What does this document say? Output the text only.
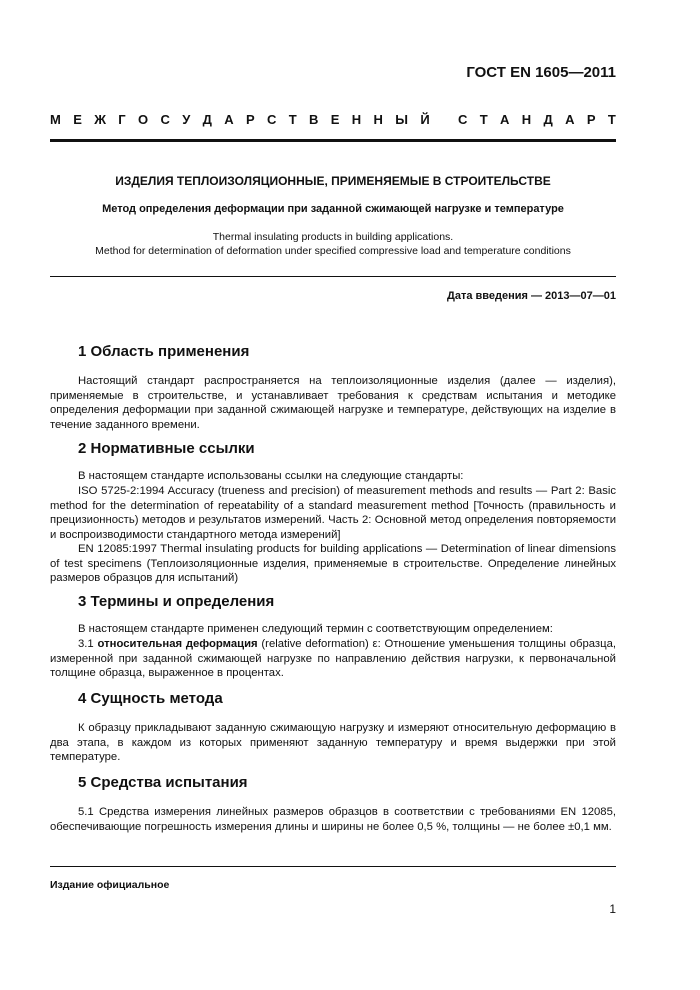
ГОСТ EN 1605—2011
М Е Ж Г О С У Д А Р С Т В Е Н Н Ы Й
С Т А Н Д А Р Т
ИЗДЕЛИЯ ТЕПЛОИЗОЛЯЦИОННЫЕ, ПРИМЕНЯЕМЫЕ В СТРОИТЕЛЬСТВЕ
Метод определения деформации при заданной сжимающей нагрузке и температуре
Thermal insulating products in building applications.
Method for determination of deformation under specified compressive load and temperature conditions
Дата введения — 2013—07—01
1 Область применения
Настоящий стандарт распространяется на теплоизоляционные изделия (далее — изделия), применяемые в строительстве, и устанавливает требования к средствам испытания и методике определения деформации при заданной сжимающей нагрузке и температуре, действующих на изделие в течение заданного времени.
2 Нормативные ссылки
В настоящем стандарте использованы ссылки на следующие стандарты:
ISO 5725-2:1994 Accuracy (trueness and precision) of measurement methods and results — Part 2: Basic method for the determination of repeatability of a standard measurement method [Точность (правильность и прецизионность) методов и результатов измерений. Часть 2: Основной метод определения повторяемости и воспроизводимости стандартного метода измерений]
EN 12085:1997 Thermal insulating products for building applications — Determination of linear dimensions of test specimens (Теплоизоляционные изделия, применяемые в строительстве. Определение линейных размеров образцов для испытаний)
3 Термины и определения
В настоящем стандарте применен следующий термин с соответствующим определением:
3.1 относительная деформация (relative deformation) ε: Отношение уменьшения толщины образца, измеренной при заданной сжимающей нагрузке по направлению действия нагрузки, к первоначальной толщине образца, выраженное в процентах.
4 Сущность метода
К образцу прикладывают заданную сжимающую нагрузку и измеряют относительную деформацию в два этапа, в каждом из которых применяют заданную температуру и время выдержки при этой температуре.
5 Средства испытания
5.1 Средства измерения линейных размеров образцов в соответствии с требованиями EN 12085, обеспечивающие погрешность измерения длины и ширины не более 0,5 %, толщины — не более ±0,1 мм.
Издание официальное
1
